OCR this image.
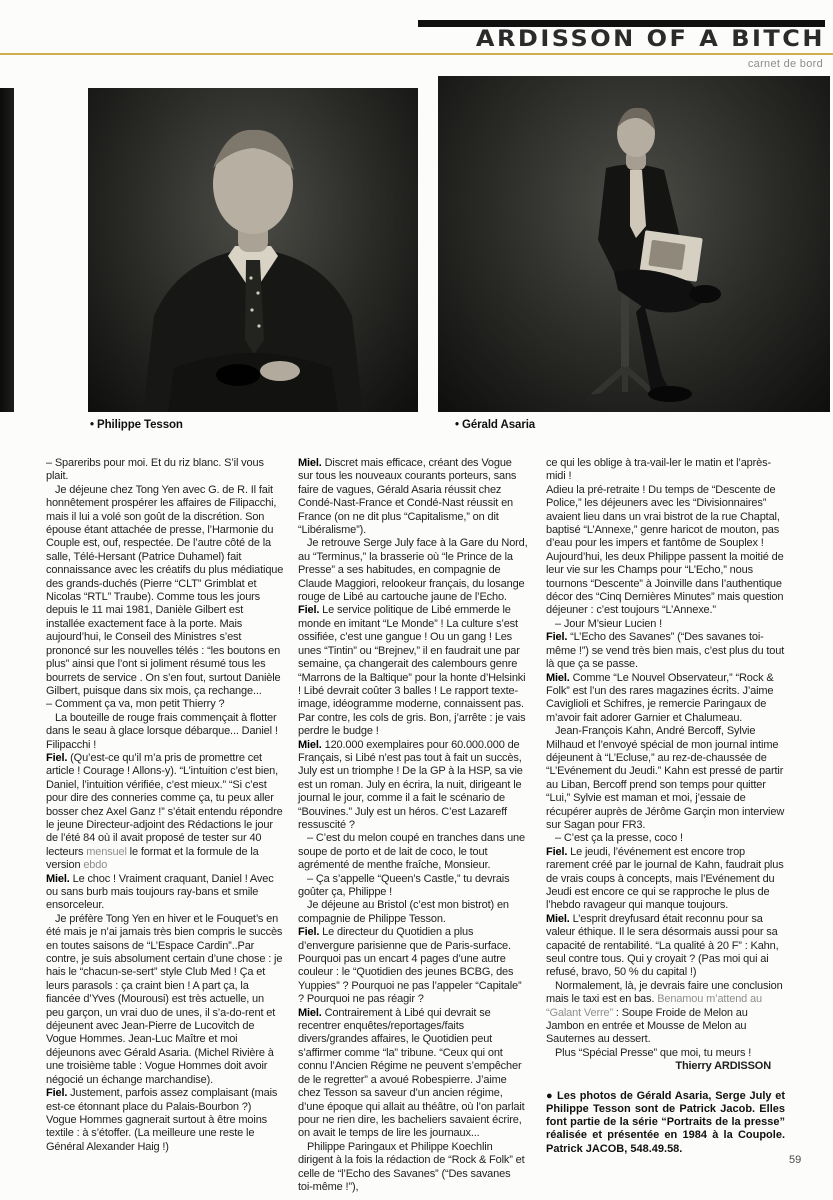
ARDISSON OF A BITCH
carnet de bord
• Philippe Tesson	• Gérald Asaria

– Spareribs pour moi. Et du riz blanc. S’il vous plait.

Je déjeune chez Tong Yen avec G. de R. Il fait honnêtement prospérer les affaires de Filipacchi, mais il lui a volé son goût de la discrétion. Son épouse étant attachée de presse, l’Harmonie du Couple est, ouf, respectée. De l’autre côté de la salle, Télé-Hersant (Patrice Duhamel) fait connaissance avec les créatifs du plus médiatique des grands-duchés (Pierre “CLT” Grimblat et Nicolas “RTL” Traube). Comme tous les jours depuis le 11 mai 1981, Danièle Gilbert est installée exactement face à la porte. Mais aujourd’hui, le Conseil des Ministres s’est prononcé sur les nouvelles télés : “les boutons en plus” ainsi que l’ont si joliment résumé tous les bourrets de service . On s’en fout, surtout Danièle Gilbert, puisque dans six mois, ça rechange...

– Comment ça va, mon petit Thierry ?

La bouteille de rouge frais commençait à flotter dans le seau à glace lorsque débarque... Daniel ! Filipacchi !

Fiel. (Qu’est-ce qu’il m’a pris de promettre cet article ! Courage ! Allons-y). “L’intuition c’est bien, Daniel, l’intuition vérifiée, c’est mieux.” “Si c’est pour dire des conneries comme ça, tu peux aller bosser chez Axel Ganz !” s’était entendu répondre le jeune Directeur-adjoint des Rédactions le jour de l’été 84 où il avait proposé de tester sur 40 lecteurs mensuel le format et la formule de la version ebdo

Miel. Le choc ! Vraiment craquant, Daniel ! Avec ou sans burb mais toujours ray-bans et smile ensorceleur.

Je préfère Tong Yen en hiver et le Fouquet’s en été mais je n’ai jamais très bien compris le succès en toutes saisons de “L’Espace Cardin”..Par contre, je suis absolument certain d’une chose : je hais le “chacun-se-sert” style Club Med ! Ça et leurs parasols : ça craint bien ! A part ça, la fiancée d’Yves (Mourousi) est très actuelle, un peu garçon, un vrai duo de unes, il s’a-do-rent et déjeunent avec Jean-Pierre de Lucovitch de Vogue Hommes. Jean-Luc Maître et moi déjeunons avec Gérald Asaria. (Michel Rivière à une troisième table : Vogue Hommes doit avoir négocié un échange marchandise).

Fiel. Justement, parfois assez complaisant (mais est-ce étonnant place du Palais-Bourbon ?) Vogue Hommes gagnerait surtout à être moins textile : à s’étoffer. (La meilleure une reste le Général Alexander Haig !)

Miel. Discret mais efficace, créant des Vogue sur tous les nouveaux courants porteurs, sans faire de vagues, Gérald Asaria réussit chez Condé-Nast-France et Condé-Nast réussit en France (on ne dit plus “Capitalisme,” on dit “Libéralisme”).

Je retrouve Serge July face à la Gare du Nord, au “Terminus,” la brasserie où “le Prince de la Presse” a ses habitudes, en compagnie de Claude Maggiori, relookeur français, du losange rouge de Libé au cartouche jaune de l’Echo.

Fiel. Le service politique de Libé emmerde le monde en imitant “Le Monde” ! La culture s’est ossifiée, c’est une gangue ! Ou un gang ! Les unes “Tintin” ou “Brejnev,” il en faudrait une par semaine, ça changerait des calembours genre “Marrons de la Baltique” pour la honte d’Helsinki ! Libé devrait coûter 3 balles ! Le rapport texte-image, idéogramme moderne, connaissent pas. Par contre, les cols de gris. Bon, j’arrête : je vais perdre le budge !

Miel. 120.000 exemplaires pour 60.000.000 de Français, si Libé n’est pas tout à fait un succès, July est un triomphe ! De la GP à la HSP, sa vie est un roman. July en écrira, la nuit, dirigeant le journal le jour, comme il a fait le scénario de “Bouvines.” July est un héros. C’est Lazareff ressuscité ?

– C’est du melon coupé en tranches dans une soupe de porto et de lait de coco, le tout agrémenté de menthe fraîche, Monsieur.

– Ça s’appelle “Queen’s Castle,” tu devrais goûter ça, Philippe !

Je déjeune au Bristol (c’est mon bistrot) en compagnie de Philippe Tesson.

Fiel. Le directeur du Quotidien a plus d’envergure parisienne que de Paris-surface. Pourquoi pas un encart 4 pages d’une autre couleur : le “Quotidien des jeunes BCBG, des Yuppies” ? Pourquoi ne pas l’appeler “Capitale” ? Pourquoi ne pas réagir ?

Miel. Contrairement à Libé qui devrait se recentrer enquêtes/reportages/faits divers/grandes affaires, le Quotidien peut s’affirmer comme “la” tribune. “Ceux qui ont connu l’Ancien Régime ne peuvent s’empêcher de le regretter” a avoué Robespierre. J’aime chez Tesson sa saveur d’un ancien régime, d’une époque qui allait au théâtre, où l’on parlait pour ne rien dire, les bacheliers savaient écrire, on avait le temps de lire les journaux...

Philippe Paringaux et Philippe Koechlin dirigent à la fois la rédaction de “Rock & Folk” et celle de “l’Echo des Savanes” (“Des savanes toi-même !”),

ce qui les oblige à tra-vail-ler le matin et l’après-midi !

Adieu la pré-retraite ! Du temps de “Descente de Police,” les déjeuners avec les “Divisionnaires” avaient lieu dans un vrai bistrot de la rue Chaptal, baptisé “L’Annexe,” genre haricot de mouton, pas d’eau pour les impers et fantôme de Souplex ! Aujourd’hui, les deux Philippe passent la moitié de leur vie sur les Champs pour “L’Echo,” nous tournons “Descente” à Joinville dans l’authentique décor des “Cinq Dernières Minutes” mais question déjeuner : c’est toujours “L’Annexe.”

– Jour M’sieur Lucien !

Fiel. “L’Echo des Savanes” (“Des savanes toi-même !”) se vend très bien mais, c’est plus du tout là que ça se passe.

Miel. Comme “Le Nouvel Observateur,” “Rock & Folk” est l’un des rares magazines écrits. J’aime Caviglioli et Schifres, je remercie Paringaux de m’avoir fait adorer Garnier et Chalumeau.

Jean-François Kahn, André Bercoff, Sylvie Milhaud et l’envoyé spécial de mon journal intime déjeunent à “L’Ecluse,” au rez-de-chaussée de “L’Evénement du Jeudi.” Kahn est pressé de partir au Liban, Bercoff prend son temps pour quitter “Lui,” Sylvie est maman et moi, j’essaie de récupérer auprès de Jérôme Garçin mon interview sur Sagan pour FR3.

– C’est ça la presse, coco !

Fiel. Le jeudi, l’événement est encore trop rarement créé par le journal de Kahn, faudrait plus de vrais coups à concepts, mais l’Evénement du Jeudi est encore ce qui se rapproche le plus de l’hebdo ravageur qui manque toujours.

Miel. L’esprit dreyfusard était reconnu pour sa valeur éthique. Il le sera désormais aussi pour sa capacité de rentabilité. “La qualité à 20 F” : Kahn, seul contre tous. Qui y croyait ? (Pas moi qui ai refusé, bravo, 50 % du capital !)

Normalement, là, je devrais faire une conclusion mais le taxi est en bas. Benamou m’attend au “Galant Verre” : Soupe Froide de Melon au Jambon en entrée et Mousse de Melon au Sauternes au dessert.

Plus “Spécial Presse” que moi, tu meurs !

Thierry ARDISSON

● Les photos de Gérald Asaria, Serge July et Philippe Tesson sont de Patrick Jacob. Elles font partie de la série “Portraits de la presse” réalisée et présentée en 1984 à la Coupole. Patrick JACOB, 548.49.58.

59
